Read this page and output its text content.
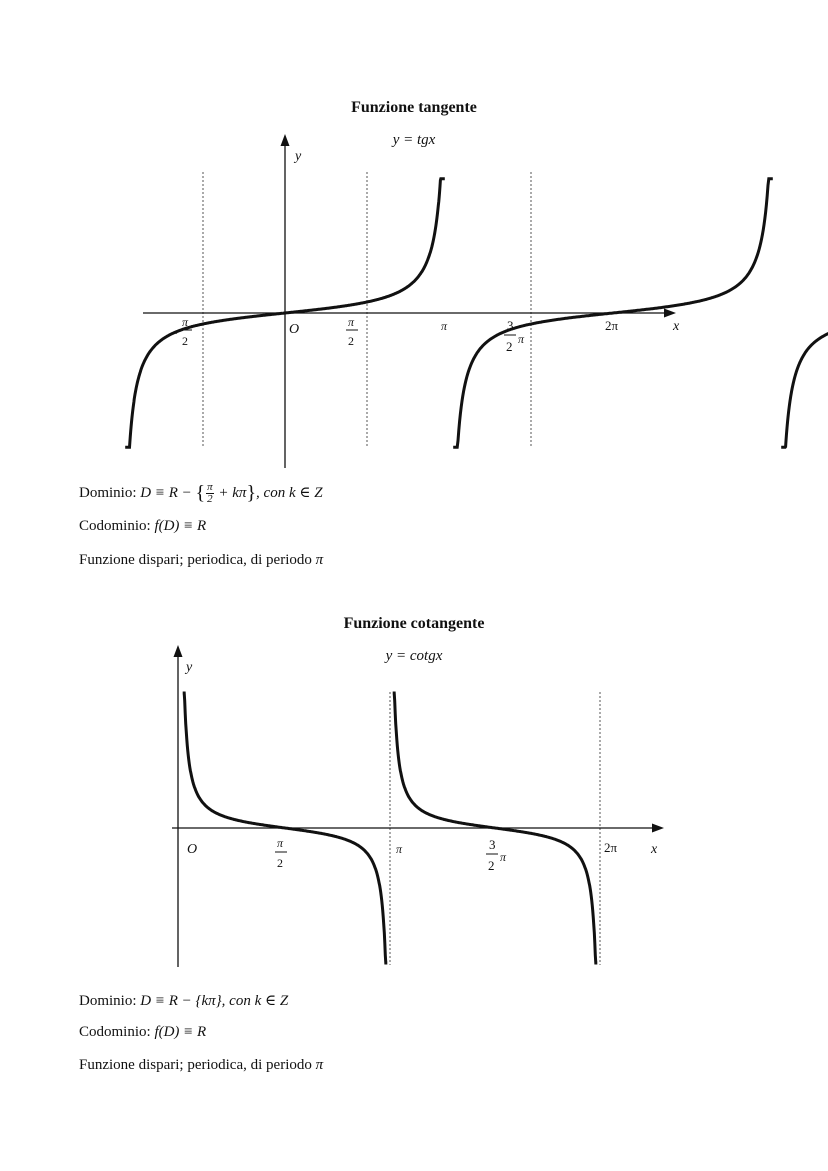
Funzione tangente
y = tgx
y
x
−
π
2
O	π
2
π	3
2 π
2π
Dominio: D ≡ R − { $\frac{\pi}{2} + k\pi$}, con k ∈ Z
Codominio: f(D) ≡ R
Funzione dispari; periodica, di periodo π
Funzione cotangente
y = cotgx
y
x
O	π
2
π	3
2
π
2π
Dominio: D ≡ R − {kπ}, con k ∈ Z
Codominio: f(D) ≡ R
Funzione dispari; periodica, di periodo π
